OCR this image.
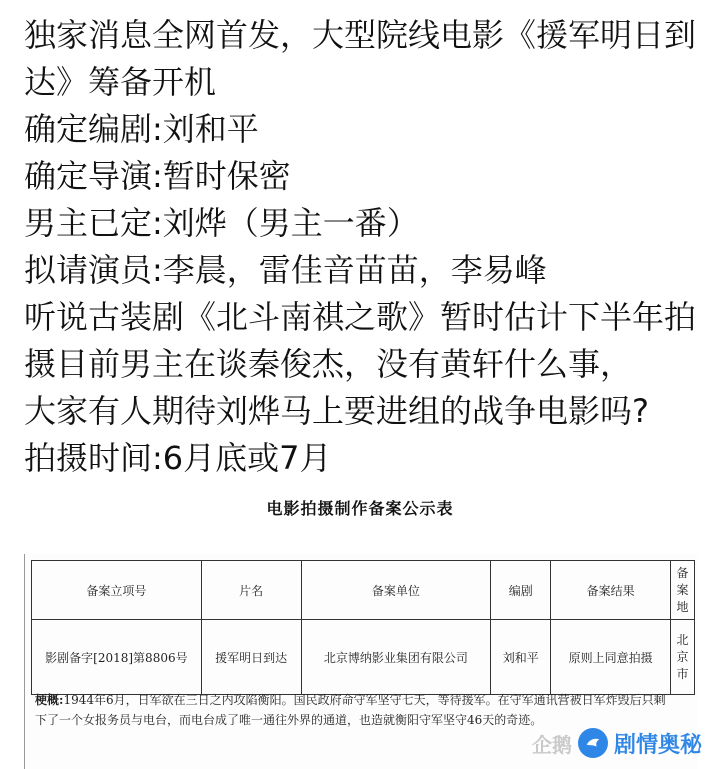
独家消息全网首发，大型院线电影《援军明日到
达》筹备开机
确定编剧:刘和平
确定导演:暂时保密
男主已定:刘烨（男主一番）
拟请演员:李晨，雷佳音苗苗，李易峰
听说古装剧《北斗南祺之歌》暂时估计下半年拍
摄目前男主在谈秦俊杰，没有黄轩什么事，
大家有人期待刘烨马上要进组的战争电影吗?
拍摄时间:6月底或7月
电影拍摄制作备案公示表
备案立项号	片名	备案单位	编剧	备案结果	备案地
影剧备字[2018]第8806号	援军明日到达	北京博纳影业集团有限公司	刘和平	原则上同意拍摄	北京市
梗概:1944年6月，日军欲在三日之内攻陷衡阳。国民政府命守军坚守七天，等待援军。在守军通讯营被日军炸毁后只剩下了一个女报务员与电台，而电台成了唯一通往外界的通道，也造就衡阳守军坚守46天的奇迹。
企鹅 剧情奥秘
